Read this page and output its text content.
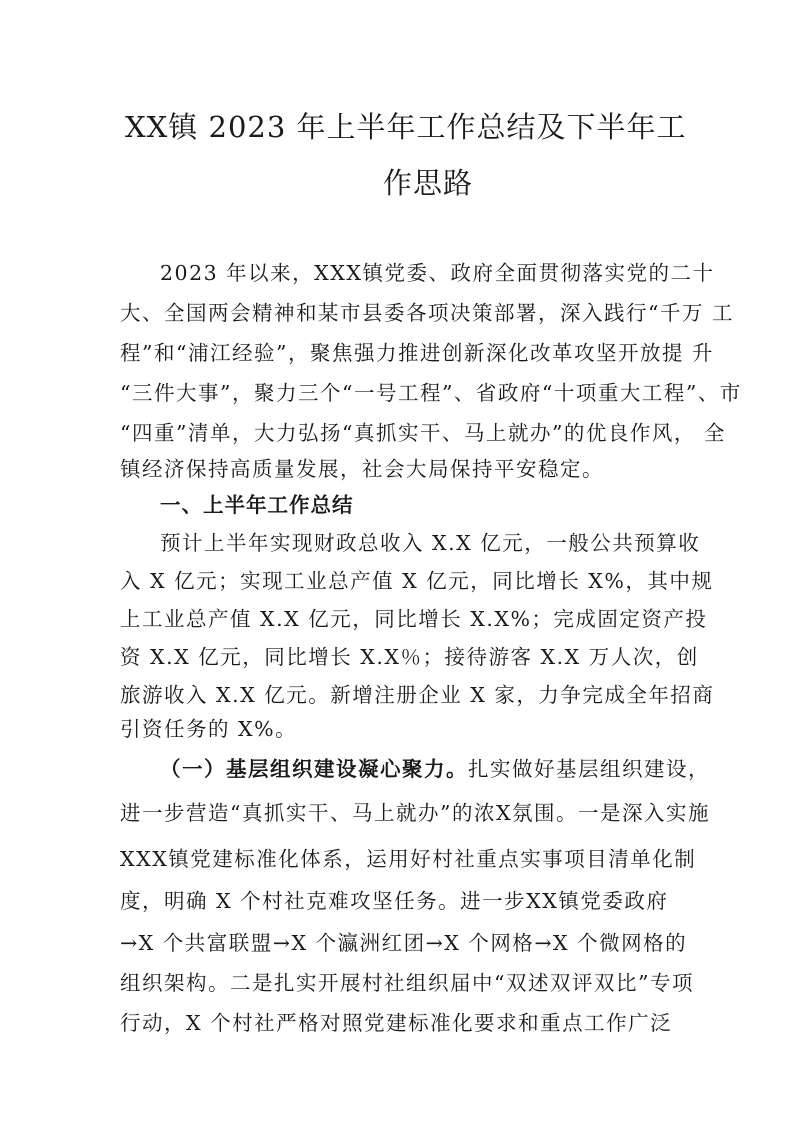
XX镇 2023 年上半年工作总结及下半年工
作思路
2023 年以来，XXX镇党委、政府全面贯彻落实党的二十
大、全国两会精神和某市县委各项决策部署，深入践行“千万 工
程”和“浦江经验”，聚焦强力推进创新深化改革攻坚开放提 升
“三件大事”，聚力三个“一号工程”、省政府“十项重大工程”、市
“四重”清单，大力弘扬“真抓实干、马上就办”的优良作风， 全
镇经济保持高质量发展，社会大局保持平安稳定。
一、上半年工作总结
预计上半年实现财政总收入 X.X 亿元，一般公共预算收
入 X 亿元；实现工业总产值 X 亿元，同比增长 X%，其中规
上工业总产值 X.X 亿元，同比增长 X.X%；完成固定资产投
资 X.X 亿元，同比增长 X.X％；接待游客 X.X 万人次，创
旅游收入 X.X 亿元。新增注册企业 X 家，力争完成全年招商
引资任务的 X%。
（一）基层组织建设凝心聚力。扎实做好基层组织建设，
进一步营造“真抓实干、马上就办”的浓X氛围。一是深入实施
XXX镇党建标准化体系，运用好村社重点实事项目清单化制
度，明确 X 个村社克难攻坚任务。进一步XX镇党委政府
→X 个共富联盟→X 个瀛洲红团→X 个网格→X 个微网格的
组织架构。二是扎实开展村社组织届中“双述双评双比”专项
行动，X 个村社严格对照党建标准化要求和重点工作广泛
